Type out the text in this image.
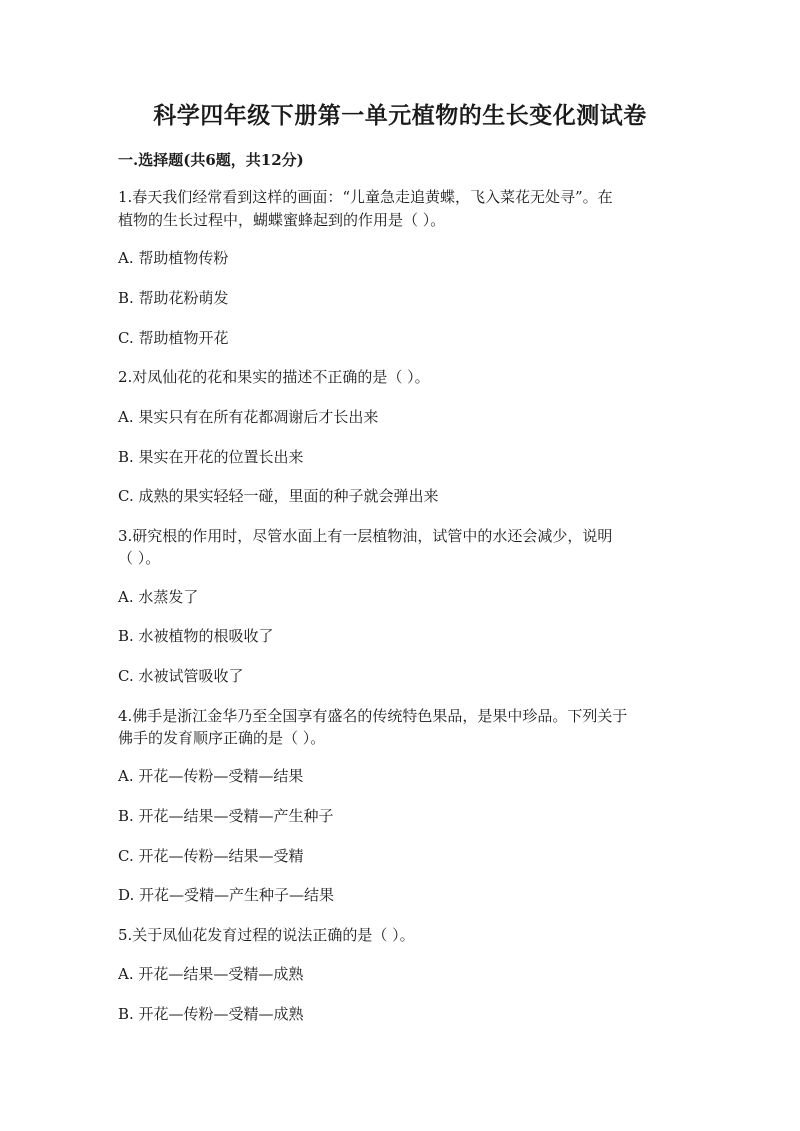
科学四年级下册第一单元植物的生长变化测试卷

一.选择题(共6题，共12分)

1.春天我们经常看到这样的画面：“儿童急走追黄蝶，飞入菜花无处寻”。在

植物的生长过程中，蝴蝶蜜蜂起到的作用是（ ）。

A. 帮助植物传粉

B. 帮助花粉萌发

C. 帮助植物开花

2.对凤仙花的花和果实的描述不正确的是（ ）。

A. 果实只有在所有花都凋谢后才长出来

B. 果实在开花的位置长出来

C. 成熟的果实轻轻一碰，里面的种子就会弹出来

3.研究根的作用时，尽管水面上有一层植物油，试管中的水还会减少，说明

（ ）。

A. 水蒸发了

B. 水被植物的根吸收了

C. 水被试管吸收了

4.佛手是浙江金华乃至全国享有盛名的传统特色果品，是果中珍品。下列关于

佛手的发育顺序正确的是（ ）。

A. 开花—传粉—受精—结果

B. 开花—结果—受精—产生种子

C. 开花—传粉—结果—受精

D. 开花—受精—产生种子—结果

5.关于凤仙花发育过程的说法正确的是（ ）。

A. 开花—结果—受精—成熟

B. 开花—传粉—受精—成熟
